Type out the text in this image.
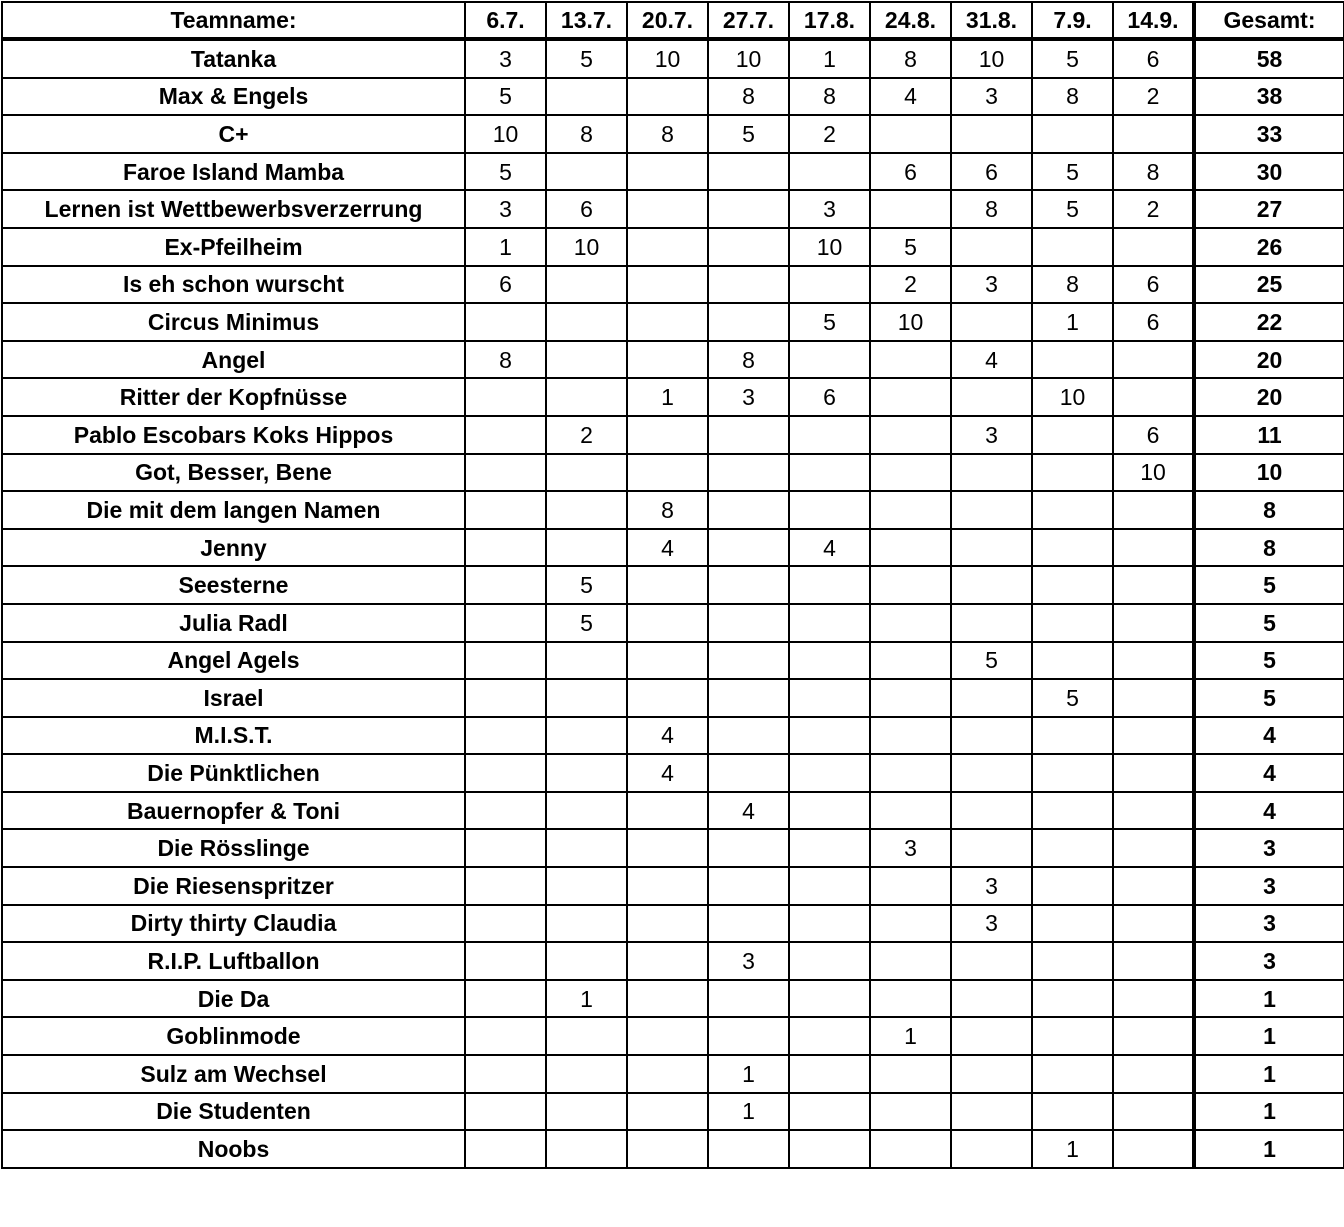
Teamname:	6.7.	13.7.	20.7.	27.7.	17.8.	24.8.	31.8.	7.9.	14.9.	Gesamt:
Tatanka	3	5	10	10	1	8	10	5	6	58
Max & Engels	5			8	8	4	3	8	2	38
C+	10	8	8	5	2					33
Faroe Island Mamba	5					6	6	5	8	30
Lernen ist Wettbewerbsverzerrung	3	6			3		8	5	2	27
Ex-Pfeilheim	1	10			10	5				26
Is eh schon wurscht	6					2	3	8	6	25
Circus Minimus					5	10		1	6	22
Angel	8			8			4			20
Ritter der Kopfnüsse			1	3	6			10		20
Pablo Escobars Koks Hippos		2					3		6	11
Got, Besser, Bene									10	10
Die mit dem langen Namen			8							8
Jenny			4		4					8
Seesterne		5								5
Julia Radl		5								5
Angel Agels							5			5
Israel								5		5
M.I.S.T.			4							4
Die Pünktlichen			4							4
Bauernopfer & Toni				4						4
Die Rösslinge						3				3
Die Riesenspritzer							3			3
Dirty thirty Claudia							3			3
R.I.P. Luftballon				3						3
Die Da		1								1
Goblinmode						1				1
Sulz am Wechsel				1						1
Die Studenten				1						1
Noobs								1		1
